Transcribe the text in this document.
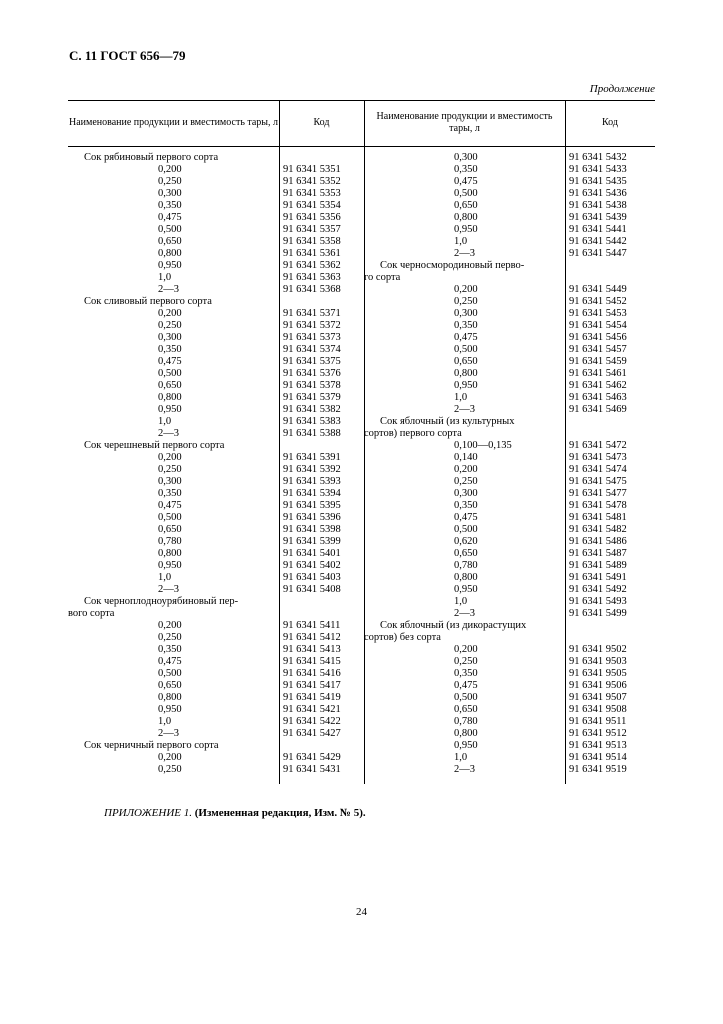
С. 11 ГОСТ 656—79
Продолжение
Наименование продукции и вместимость тары, л	Код
Наименование продукции и вместимость тары, л
Код
Сок рябиновый первого сорта
0,200
0,250
0,300
0,350
0,475
0,500
0,650
0,800
0,950
1,0
2—3
Сок сливовый первого сорта
0,200
0,250
0,300
0,350
0,475
0,500
0,650
0,800
0,950
1,0
2—3
Сок черешневый первого сорта
0,200
0,250
0,300
0,350
0,475
0,500
0,650
0,780
0,800
0,950
1,0
2—3
Сок черноплодноурябиновый пер-
вого сорта
0,200
0,250
0,350
0,475
0,500
0,650
0,800
0,950
1,0
2—3
Сок черничный первого сорта
0,200
0,250
91 6341 5351
91 6341 5352
91 6341 5353
91 6341 5354
91 6341 5356
91 6341 5357
91 6341 5358
91 6341 5361
91 6341 5362
91 6341 5363
91 6341 5368
91 6341 5371
91 6341 5372
91 6341 5373
91 6341 5374
91 6341 5375
91 6341 5376
91 6341 5378
91 6341 5379
91 6341 5382
91 6341 5383
91 6341 5388
91 6341 5391
91 6341 5392
91 6341 5393
91 6341 5394
91 6341 5395
91 6341 5396
91 6341 5398
91 6341 5399
91 6341 5401
91 6341 5402
91 6341 5403
91 6341 5408
91 6341 5411
91 6341 5412
91 6341 5413
91 6341 5415
91 6341 5416
91 6341 5417
91 6341 5419
91 6341 5421
91 6341 5422
91 6341 5427
91 6341 5429
91 6341 5431
0,300
0,350
0,475
0,500
0,650
0,800
0,950
1,0
2—3
Сок черносмородиновый перво-
го сорта
0,200
0,250
0,300
0,350
0,475
0,500
0,650
0,800
0,950
1,0
2—3
Сок яблочный (из культурных
сортов) первого сорта
0,100—0,135
0,140
0,200
0,250
0,300
0,350
0,475
0,500
0,620
0,650
0,780
0,800
0,950
1,0
2—3
Сок яблочный (из дикорастущих
сортов) без сорта
0,200
0,250
0,350
0,475
0,500
0,650
0,780
0,800
0,950
1,0
2—3
91 6341 5432
91 6341 5433
91 6341 5435
91 6341 5436
91 6341 5438
91 6341 5439
91 6341 5441
91 6341 5442
91 6341 5447
91 6341 5449
91 6341 5452
91 6341 5453
91 6341 5454
91 6341 5456
91 6341 5457
91 6341 5459
91 6341 5461
91 6341 5462
91 6341 5463
91 6341 5469
91 6341 5472
91 6341 5473
91 6341 5474
91 6341 5475
91 6341 5477
91 6341 5478
91 6341 5481
91 6341 5482
91 6341 5486
91 6341 5487
91 6341 5489
91 6341 5491
91 6341 5492
91 6341 5493
91 6341 5499
91 6341 9502
91 6341 9503
91 6341 9505
91 6341 9506
91 6341 9507
91 6341 9508
91 6341 9511
91 6341 9512
91 6341 9513
91 6341 9514
91 6341 9519
ПРИЛОЖЕНИЕ 1. (Измененная редакция, Изм. № 5).
24
